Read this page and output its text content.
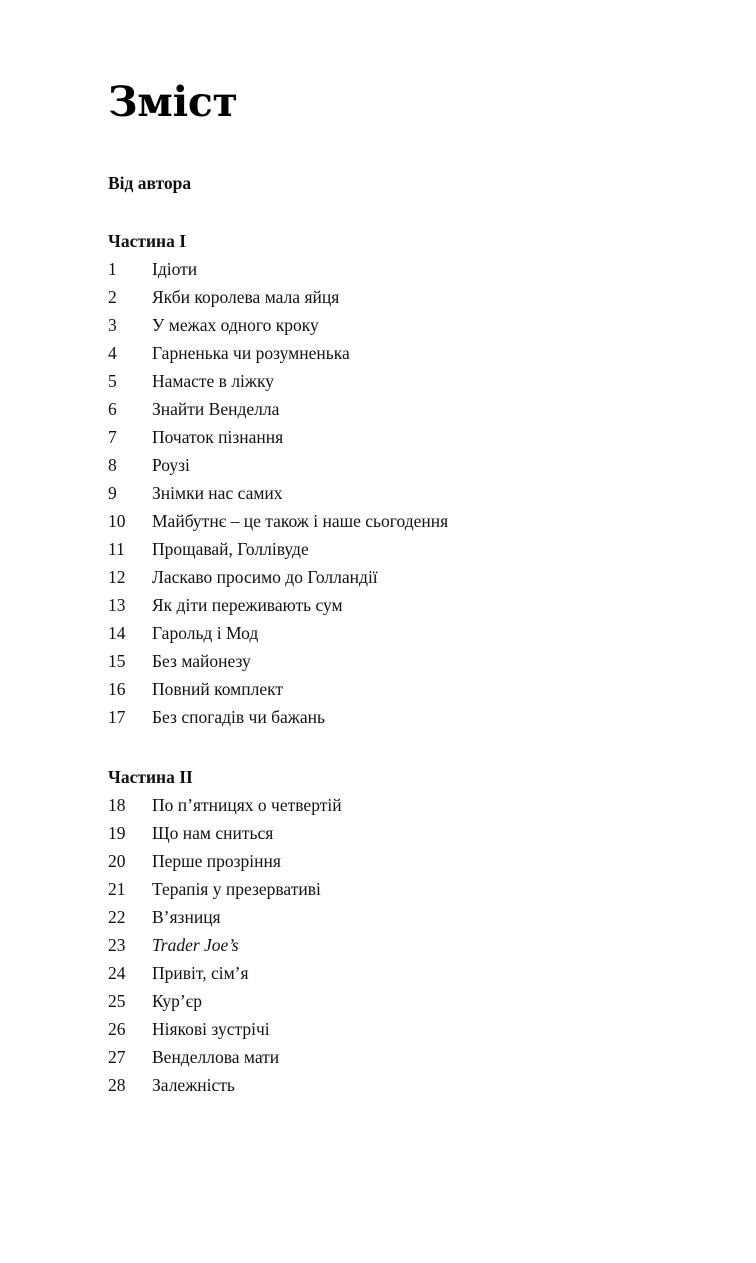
Зміст
Від автора
Частина I
1	Ідіоти
2	Якби королева мала яйця
3	У межах одного кроку
4	Гарненька чи розумненька
5	Намасте в ліжку
6	Знайти Венделла
7	Початок пізнання
8	Роузі
9	Знімки нас самих
10	Майбутнє – це також і наше сьогодення
11	Прощавай, Голлівуде
12	Ласкаво просимо до Голландії
13	Як діти переживають сум
14	Гарольд і Мод
15	Без майонезу
16	Повний комплект
17	Без спогадів чи бажань
Частина II
18	По п’ятницях о четвертій
19	Що нам сниться
20	Перше прозріння
21	Терапія у презервативі
22	В’язниця
23	Trader Joe’s
24	Привіт, сім’я
25	Кур’єр
26	Ніякові зустрічі
27	Венделлова мати
28	Залежність
